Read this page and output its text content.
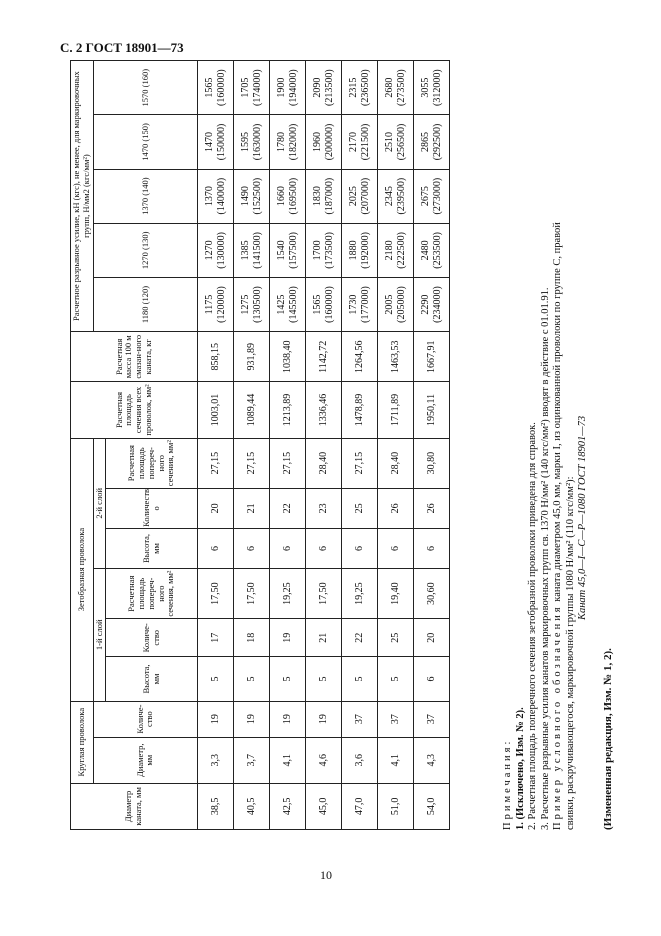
С. 2 ГОСТ 18901—73
Диаметр каната, мм	Круглая проволока		Зетобразная проволока						Расчетная площадь сечения всех проволок, мм²	Расчетная масса 100 м смазан-ного каната, кг	Расчетное разрывное усилие, кН (кгс), не менее, для маркировочных групп, Н/мм2 (кгс/мм²)				
	Диаметр, мм	Количе-ство	1-й слой			2-й слой					1180 (120)	1270 (130)	1370 (140)	1470 (150)	1570 (160)
			Высота, мм	Количе-ство	Расчетная площадь попереч-ного сечения, мм²	Высота, мм	Количеств о	Расчетная площадь попереч-ного сечения, мм²							
38,5	3,3	19	5	17	17,50	6	20	27,15	1003,01	858,15	1175 (120000)	1270 (130000)	1370 (140000)	1470 (150000)	1565 (160000)
40,5	3,7	19	5	18	17,50	6	21	27,15	1089,44	931,89	1275 (130500)	1385 (141500)	1490 (152500)	1595 (163000)	1705 (174000)
42,5	4,1	19	5	19	19,25	6	22	27,15	1213,89	1038,40	1425 (145500)	1540 (157500)	1660 (169500)	1780 (182000)	1900 (194000)
45,0	4,6	19	5	21	17,50	6	23	28,40	1336,46	1142,72	1565 (160000)	1700 (173500)	1830 (187000)	1960 (200000)	2090 (213500)
47,0	3,6	37	5	22	19,25	6	25	27,15	1478,89	1264,56	1730 (177000)	1880 (192000)	2025 (207000)	2170 (221500)	2315 (236500)
51,0	4,1	37	5	25	19,40	6	26	28,40	1711,89	1463,53	2005 (205000)	2180 (222500)	2345 (239500)	2510 (256500)	2680 (273500)
54,0	4,3	37	6	20	30,60	6	26	30,80	1950,11	1667,91	2290 (234000)	2480 (253500)	2675 (273000)	2865 (292500)	3055 (312000)
Примечания: 1. (Исключено, Изм. № 2). 2. Расчетная площадь поперечного сечения зетобразной проволоки приведена для справок. 3. Расчетные разрывные усилия канатов маркировочных групп св. 1370 Н/мм² (140 кгс/мм²) вводят в действие с 01.01.91. Пример условного обозначения каната диаметром 45,0 мм, марки I, из оцинкованной проволоки по группе С, правой
свивки, раскручивающегося, маркировочной группы 1080 Н/мм² (110 кгс/мм²): Канат 45,0—I—С—Р—1080 ГОСТ 18901—73
(Измененная редакция, Изм. № 1, 2).
10
